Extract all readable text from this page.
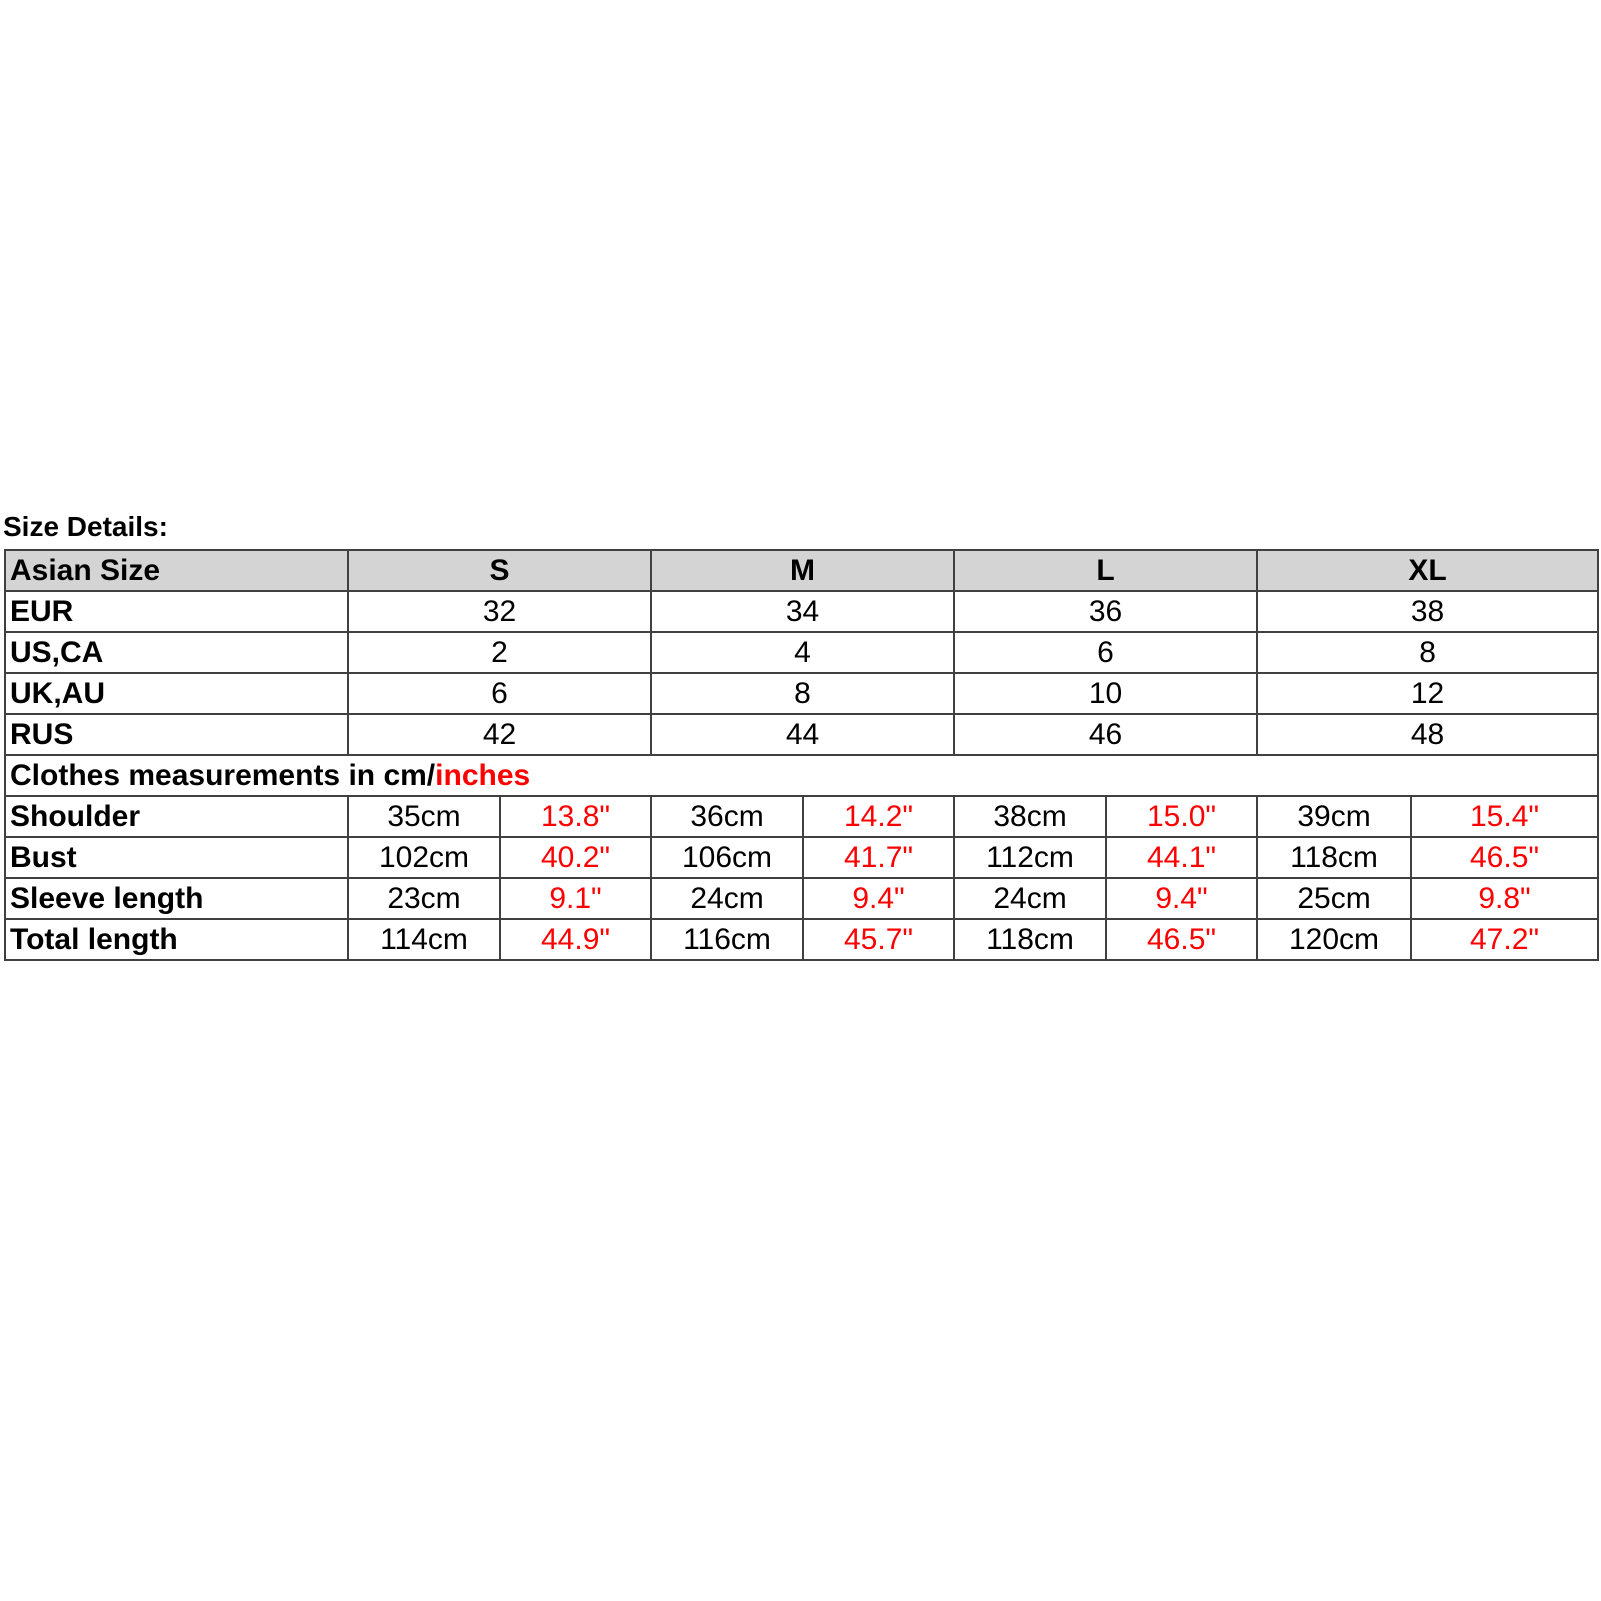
Size Details:
Asian Size	S		M		L		XL	
EUR	32		34		36		38	
US,CA	2		4		6		8	
UK,AU	6		8		10		12	
RUS	42		44		46		48	
Clothes measurements in cm/inches								
Shoulder	35cm	13.8"	36cm	14.2"	38cm	15.0"	39cm	15.4"
Bust	102cm	40.2"	106cm	41.7"	112cm	44.1"	118cm	46.5"
Sleeve length	23cm	9.1"	24cm	9.4"	24cm	9.4"	25cm	9.8"
Total length	114cm	44.9"	116cm	45.7"	118cm	46.5"	120cm	47.2"
